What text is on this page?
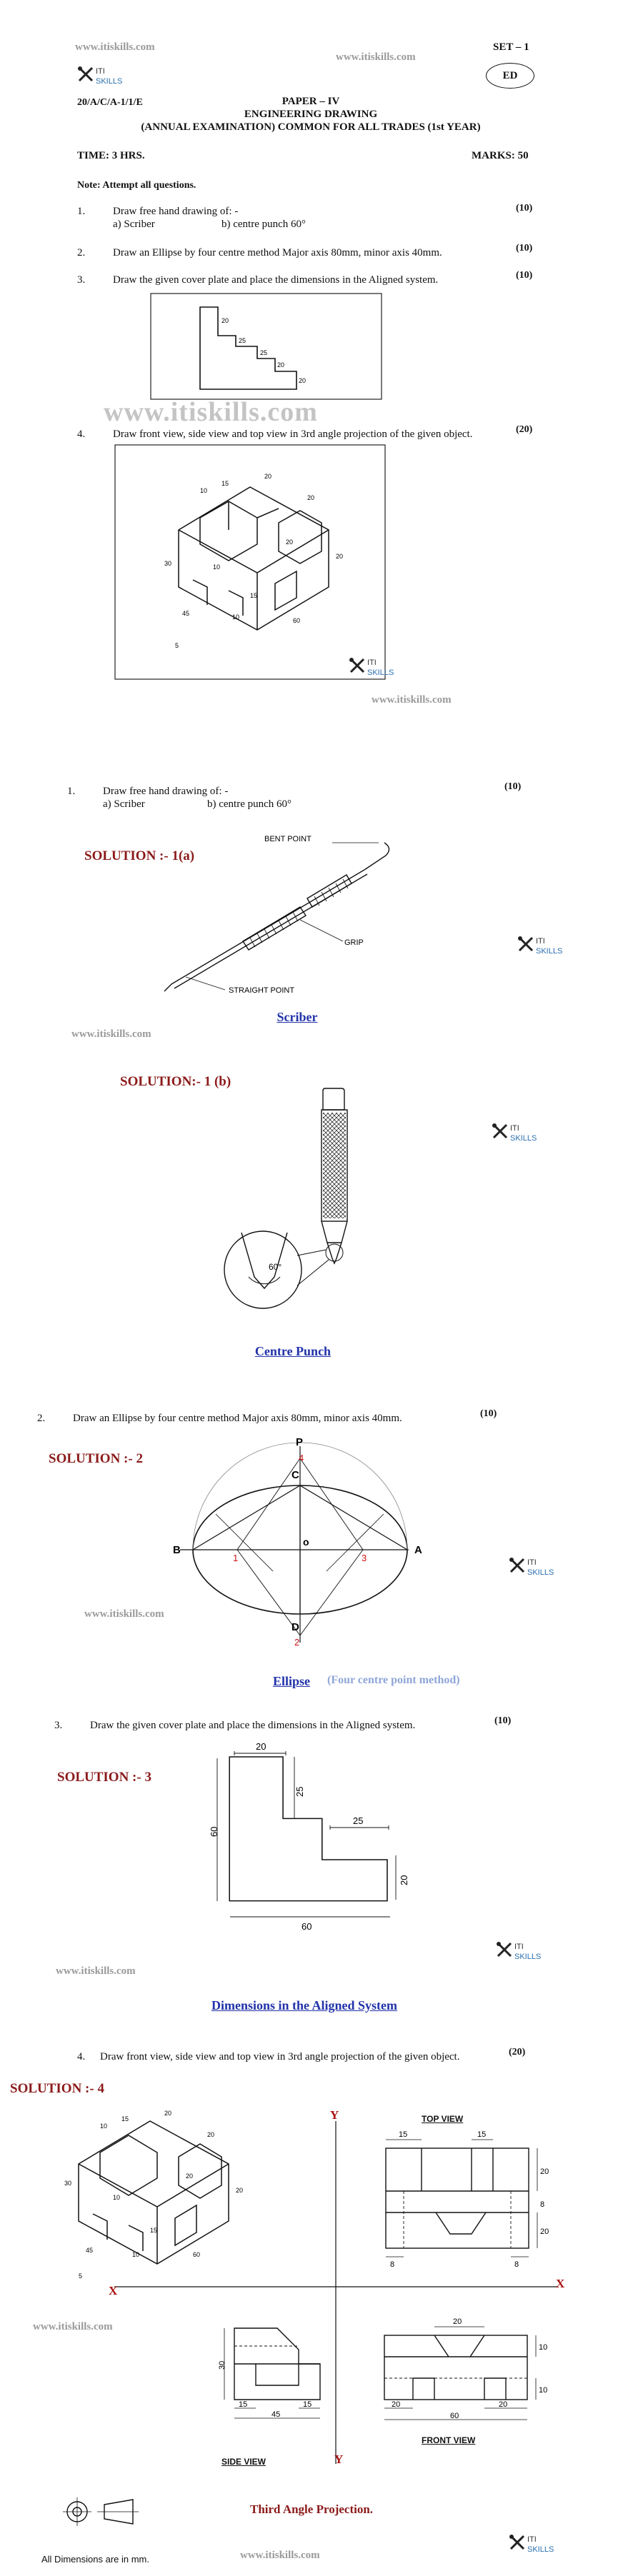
www.itiskills.com
www.itiskills.com
ITI
SKILLS
SET – 1
ED
20/A/C/A-1/1/E	PAPER – IV
ENGINEERING DRAWING
(ANNUAL EXAMINATION) COMMON FOR ALL TRADES (1st YEAR)
TIME: 3 HRS.	MARKS: 50
Note: Attempt all questions.
1.	Draw free hand drawing of: -	(10)
a) Scriber	b) centre punch 60°
2.	Draw an Ellipse by four centre method Major axis 80mm, minor axis 40mm.	(10)
3.	Draw the given cover plate and place the dimensions in the Aligned system.	(10)
20
25
25
20
20
www.itiskills.com
4.	Draw front view, side view and top view in 3rd angle projection of the given object.	(20)
30
10
15
20
20
45
60
5
20
10
20
15
10
ITI
SKILLS
www.itiskills.com
1.	Draw free hand drawing of: -	(10)
a) Scriber	b) centre punch 60°
SOLUTION :- 1(a)
BENT POINT
GRIP
STRAIGHT POINT
ITI
SKILLS
Scriber
www.itiskills.com
SOLUTION:- 1 (b)
60°
ITI
SKILLS
Centre Punch
2.	Draw an Ellipse by four centre method Major axis 80mm, minor axis 40mm.	(10)
SOLUTION :- 2
B	A
P
C
D
o
4
1	3
2
www.itiskills.com
ITI
SKILLS
Ellipse	(Four centre point method)
3.	Draw the given cover plate and place the dimensions in the Aligned system.	(10)
SOLUTION :- 3
20
25
25
20
60
60
www.itiskills.com
ITI
SKILLS
Dimensions in the Aligned System
4. Draw front view, side view and top view in 3rd angle projection of the given object.	(20)
SOLUTION :- 4
30
10
15
20
20
20
10
20
15
10
45
60
5
Y
Y
X
X
TOP VIEW
15	15
20
20
8	8
8
30
15	15
45
SIDE VIEW
20
20	20
60
10
10
FRONT VIEW
www.itiskills.com
All Dimensions are in mm.
Third Angle Projection.
www.itiskills.com
ITI
SKILLS
